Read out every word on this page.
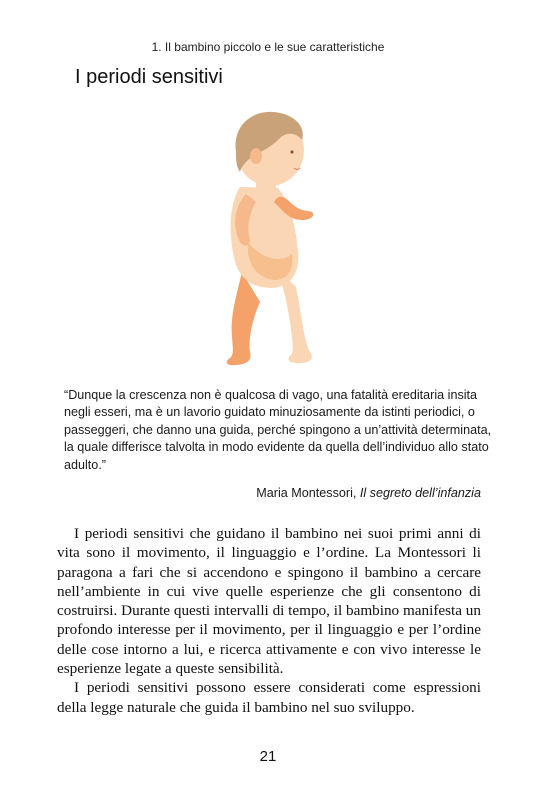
1. Il bambino piccolo e le sue caratteristiche
I periodi sensitivi

“Dunque la crescenza non è qualcosa di vago, una fatalità ereditaria insita negli esseri, ma è un lavorio guidato minuziosamente da istinti periodici, o passeggeri, che danno una guida, perché spingono a un’attività determinata, la quale differisce talvolta in modo evidente da quella dell’individuo allo stato adulto.”

Maria Montessori, Il segreto dell’infanzia

I periodi sensitivi che guidano il bambino nei suoi primi anni di vita sono il movimento, il linguaggio e l’ordine. La Montessori li paragona a fari che si accendono e spingono il bambino a cercare nell’ambiente in cui vive quelle esperienze che gli consentono di costruirsi. Durante questi intervalli di tempo, il bambino manifesta un profondo interesse per il movimento, per il linguaggio e per l’ordine delle cose intorno a lui, e ricerca attivamente e con vivo interesse le esperienze legate a queste sensibilità.

I periodi sensitivi possono essere considerati come espressioni della legge naturale che guida il bambino nel suo sviluppo.

21
